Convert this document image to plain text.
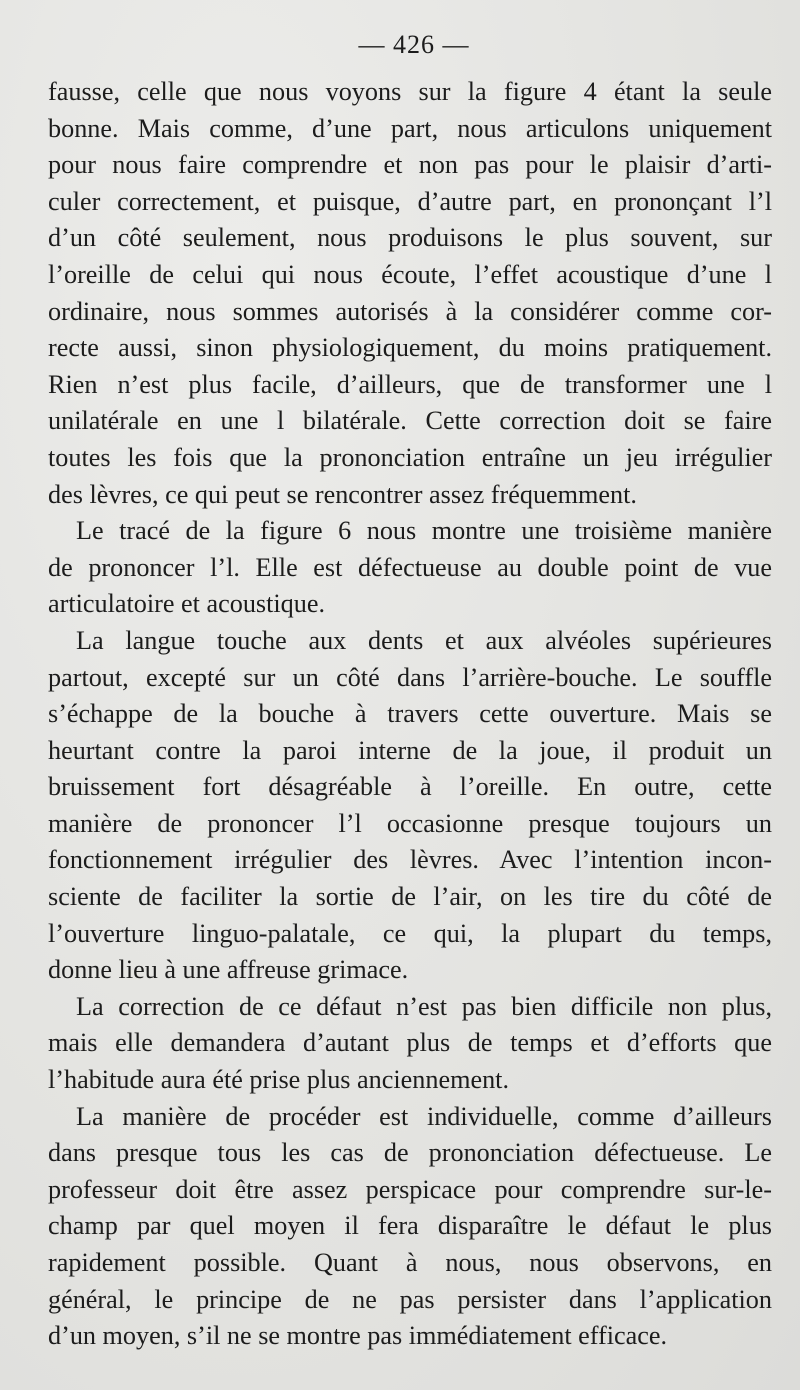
— 426 —

fausse, celle que nous voyons sur la figure 4 étant la seule
bonne. Mais comme, d’une part, nous articulons uniquement
pour nous faire comprendre et non pas pour le plaisir d’arti-
culer correctement, et puisque, d’autre part, en prononçant l’l
d’un côté seulement, nous produisons le plus souvent, sur
l’oreille de celui qui nous écoute, l’effet acoustique d’une l
ordinaire, nous sommes autorisés à la considérer comme cor-
recte aussi, sinon physiologiquement, du moins pratiquement.
Rien n’est plus facile, d’ailleurs, que de transformer une l
unilatérale en une l bilatérale. Cette correction doit se faire
toutes les fois que la prononciation entraîne un jeu irrégulier
des lèvres, ce qui peut se rencontrer assez fréquemment.

Le tracé de la figure 6 nous montre une troisième manière
de prononcer l’l. Elle est défectueuse au double point de vue
articulatoire et acoustique.

La langue touche aux dents et aux alvéoles supérieures
partout, excepté sur un côté dans l’arrière-bouche. Le souffle
s’échappe de la bouche à travers cette ouverture. Mais se
heurtant contre la paroi interne de la joue, il produit un
bruissement fort désagréable à l’oreille. En outre, cette
manière de prononcer l’l occasionne presque toujours un
fonctionnement irrégulier des lèvres. Avec l’intention incon-
sciente de faciliter la sortie de l’air, on les tire du côté de
l’ouverture linguo-palatale, ce qui, la plupart du temps,
donne lieu à une affreuse grimace.

La correction de ce défaut n’est pas bien difficile non plus,
mais elle demandera d’autant plus de temps et d’efforts que
l’habitude aura été prise plus anciennement.

La manière de procéder est individuelle, comme d’ailleurs
dans presque tous les cas de prononciation défectueuse. Le
professeur doit être assez perspicace pour comprendre sur-le-
champ par quel moyen il fera disparaître le défaut le plus
rapidement possible. Quant à nous, nous observons, en
général, le principe de ne pas persister dans l’application
d’un moyen, s’il ne se montre pas immédiatement efficace.
